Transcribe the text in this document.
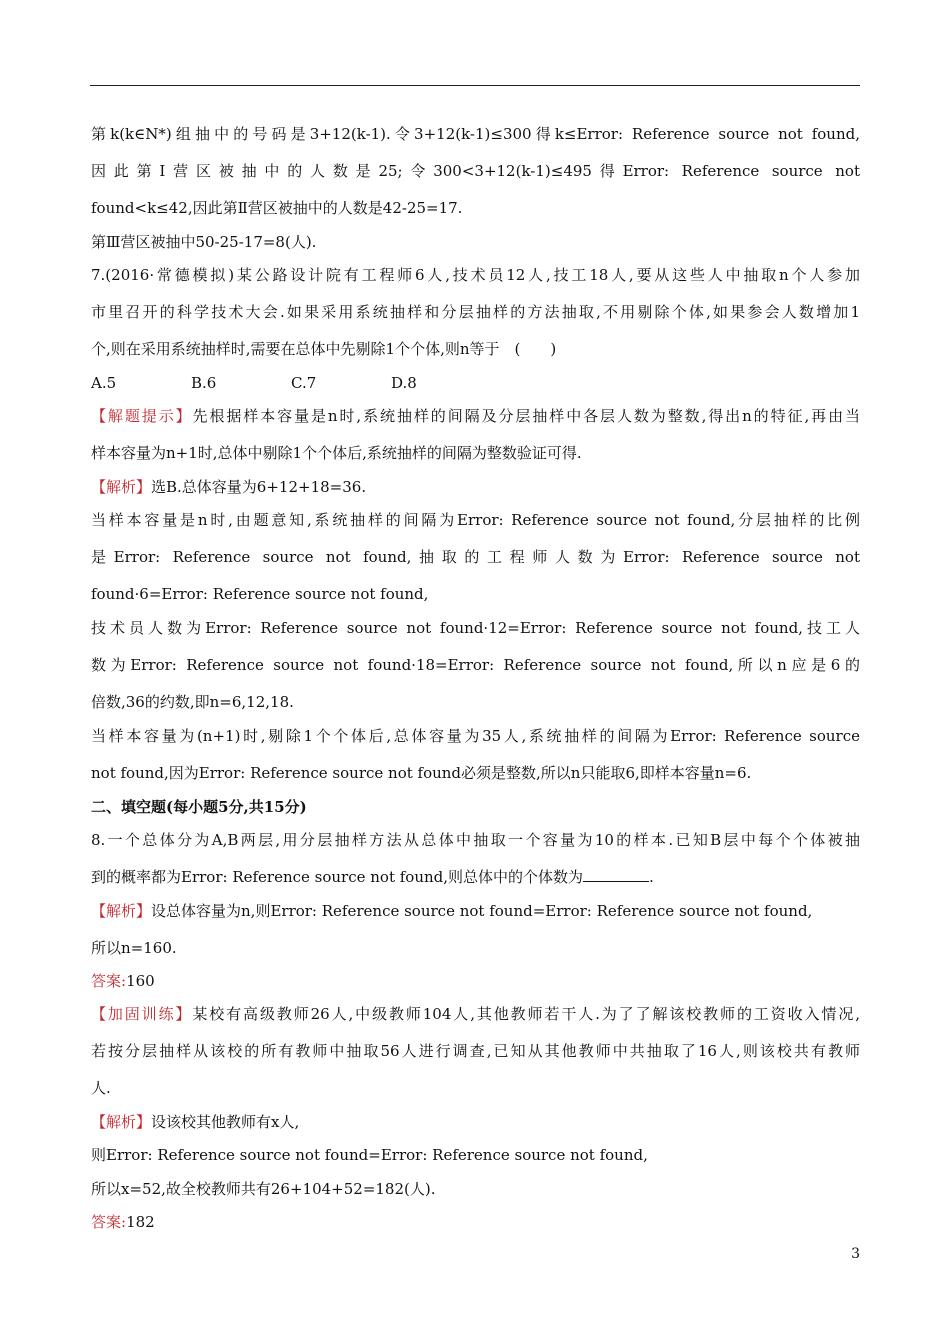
第k(k∈N*)组抽中的号码是3+12(k-1).令3+12(k-1)≤300得k≤Error: Reference source not found,
因此第Ⅰ营区被抽中的人数是25;令300<3+12(k-1)≤495得Error: Reference source not
found<k≤42,因此第Ⅱ营区被抽中的人数是42-25=17.
第Ⅲ营区被抽中50-25-17=8(人).
7.(2016·常德模拟)某公路设计院有工程师6人,技术员12人,技工18人,要从这些人中抽取n个人参加
市里召开的科学技术大会.如果采用系统抽样和分层抽样的方法抽取,不用剔除个体,如果参会人数增加1
个,则在采用系统抽样时,需要在总体中先剔除1个个体,则n等于　(　　)
A.5	B.6	C.7	D.8
【解题提示】先根据样本容量是n时,系统抽样的间隔及分层抽样中各层人数为整数,得出n的特征,再由当
样本容量为n+1时,总体中剔除1个个体后,系统抽样的间隔为整数验证可得.
【解析】选B.总体容量为6+12+18=36.
当样本容量是n时,由题意知,系统抽样的间隔为Error: Reference source not found,分层抽样的比例
是Error: Reference source not found,抽取的工程师人数为Error: Reference source not
found·6=Error: Reference source not found,
技术员人数为Error: Reference source not found·12=Error: Reference source not found,技工人
数为Error: Reference source not found·18=Error: Reference source not found,所以n应是6的
倍数,36的约数,即n=6,12,18.
当样本容量为(n+1)时,剔除1个个体后,总体容量为35人,系统抽样的间隔为Error: Reference source
not found,因为Error: Reference source not found必须是整数,所以n只能取6,即样本容量n=6.
二、填空题(每小题5分,共15分)
8.一个总体分为A,B两层,用分层抽样方法从总体中抽取一个容量为10的样本.已知B层中每个个体被抽
到的概率都为Error: Reference source not found,则总体中的个体数为	.
【解析】设总体容量为n,则Error: Reference source not found=Error: Reference source not found,
所以n=160.
答案:160
【加固训练】某校有高级教师26人,中级教师104人,其他教师若干人.为了了解该校教师的工资收入情况,
若按分层抽样从该校的所有教师中抽取56人进行调查,已知从其他教师中共抽取了16人,则该校共有教师
人.
【解析】设该校其他教师有x人,
则Error: Reference source not found=Error: Reference source not found,
所以x=52,故全校教师共有26+104+52=182(人).
答案:182
3
